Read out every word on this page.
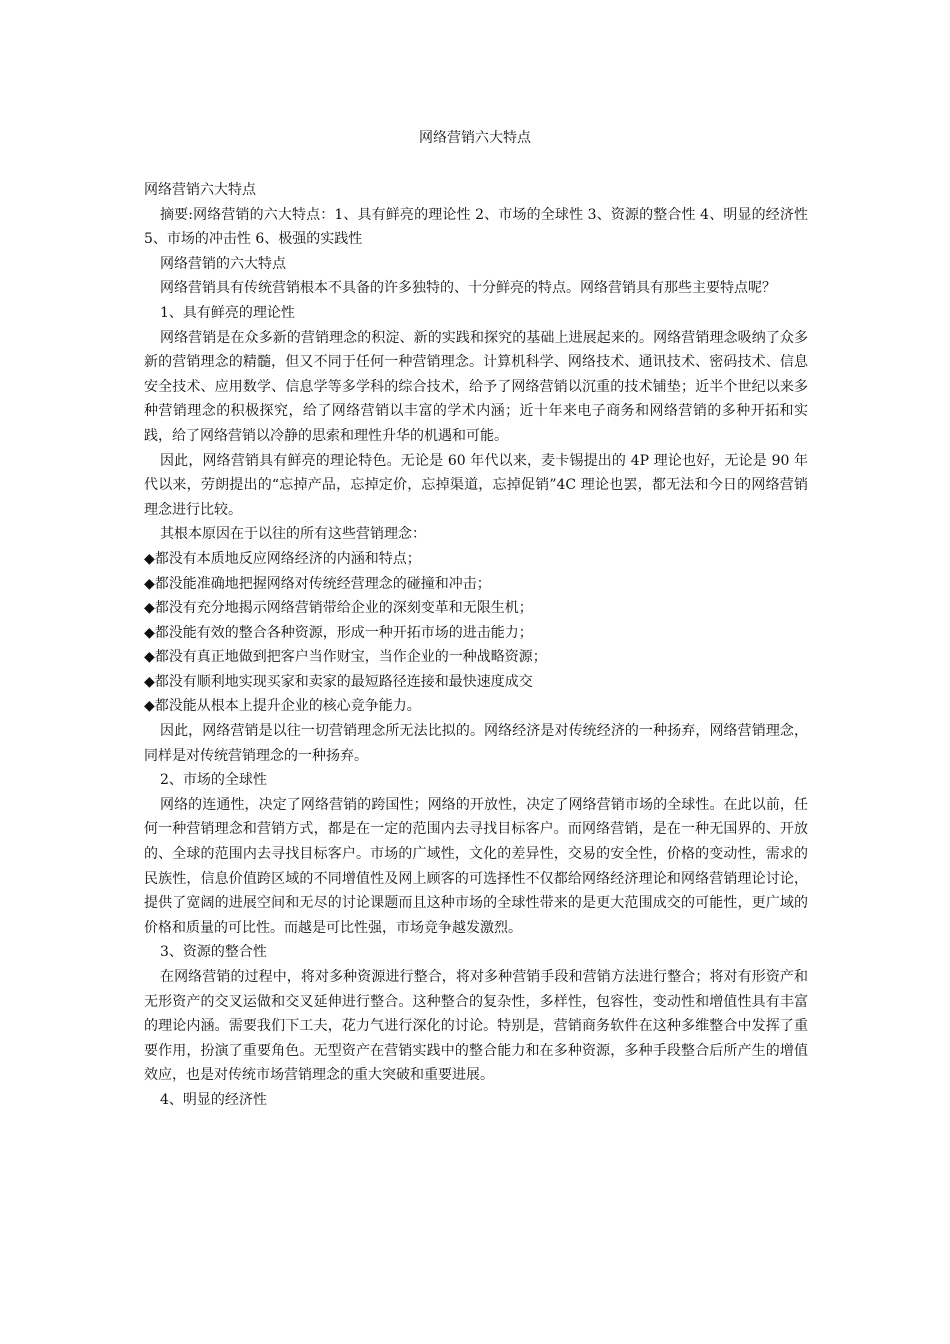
网络营销六大特点

网络营销六大特点

摘要:网络营销的六大特点：1、具有鲜亮的理论性 2、市场的全球性 3、资源的整合性 4、明显的经济性 5、市场的冲击性 6、极强的实践性

网络营销的六大特点

网络营销具有传统营销根本不具备的许多独特的、十分鲜亮的特点。网络营销具有那些主要特点呢？

1、具有鲜亮的理论性

网络营销是在众多新的营销理念的积淀、新的实践和探究的基础上进展起来的。网络营销理念吸纳了众多新的营销理念的精髓，但又不同于任何一种营销理念。计算机科学、网络技术、通讯技术、密码技术、信息安全技术、应用数学、信息学等多学科的综合技术，给予了网络营销以沉重的技术铺垫；近半个世纪以来多种营销理念的积极探究，给了网络营销以丰富的学术内涵；近十年来电子商务和网络营销的多种开拓和实践，给了网络营销以冷静的思索和理性升华的机遇和可能。

因此，网络营销具有鲜亮的理论特色。无论是 60 年代以来，麦卡锡提出的 4P 理论也好，无论是 90 年代以来，劳朗提出的“忘掉产品，忘掉定价，忘掉渠道，忘掉促销”4C 理论也罢，都无法和今日的网络营销理念进行比较。

其根本原因在于以往的所有这些营销理念：

◆都没有本质地反应网络经济的内涵和特点；

◆都没能准确地把握网络对传统经营理念的碰撞和冲击；

◆都没有充分地揭示网络营销带给企业的深刻变革和无限生机；

◆都没能有效的整合各种资源，形成一种开拓市场的进击能力；

◆都没有真正地做到把客户当作财宝，当作企业的一种战略资源；

◆都没有顺利地实现买家和卖家的最短路径连接和最快速度成交

◆都没能从根本上提升企业的核心竞争能力。

因此，网络营销是以往一切营销理念所无法比拟的。网络经济是对传统经济的一种扬弃，网络营销理念，同样是对传统营销理念的一种扬弃。

2、市场的全球性

网络的连通性，决定了网络营销的跨国性；网络的开放性，决定了网络营销市场的全球性。在此以前，任何一种营销理念和营销方式，都是在一定的范围内去寻找目标客户。而网络营销，是在一种无国界的、开放的、全球的范围内去寻找目标客户。市场的广域性，文化的差异性，交易的安全性，价格的变动性，需求的民族性，信息价值跨区域的不同增值性及网上顾客的可选择性不仅都给网络经济理论和网络营销理论讨论，提供了宽阔的进展空间和无尽的讨论课题而且这种市场的全球性带来的是更大范围成交的可能性，更广域的价格和质量的可比性。而越是可比性强，市场竞争越发激烈。

3、资源的整合性

在网络营销的过程中，将对多种资源进行整合，将对多种营销手段和营销方法进行整合；将对有形资产和无形资产的交叉运做和交叉延伸进行整合。这种整合的复杂性，多样性，包容性，变动性和增值性具有丰富的理论内涵。需要我们下工夫，花力气进行深化的讨论。特别是，营销商务软件在这种多维整合中发挥了重要作用，扮演了重要角色。无型资产在营销实践中的整合能力和在多种资源，多种手段整合后所产生的增值效应，也是对传统市场营销理念的重大突破和重要进展。

4、明显的经济性
